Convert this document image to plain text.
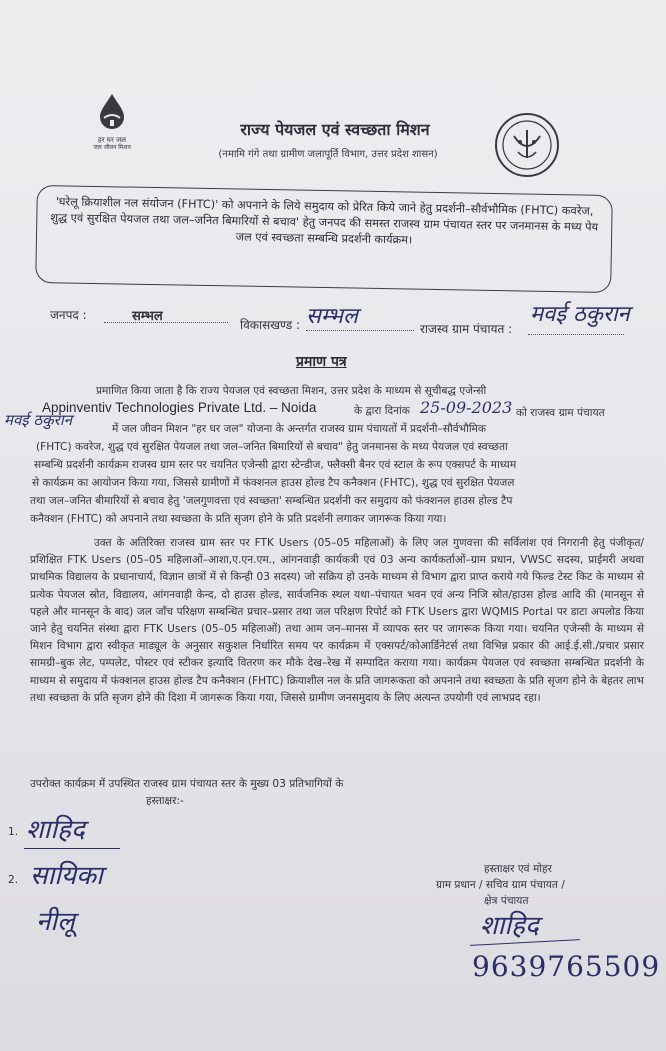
हर घर जल
जल जीवन मिशन
राज्य पेयजल एवं स्वच्छता मिशन
(नमामि गंगे तथा ग्रामीण जलापूर्ति विभाग, उत्तर प्रदेश शासन)
'घरेलू क्रियाशील नल संयोजन (FHTC)' को अपनाने के लिये समुदाय को प्रेरित किये जाने हेतु प्रदर्शनी–सौर्वभौमिक (FHTC) कवरेज, शुद्ध एवं सुरक्षित पेयजल तथा जल–जनित बिमारियों से बचाव' हेतु जनपद की समस्त राजस्व ग्राम पंचायत स्तर पर जनमानस के मध्य पेय जल एवं स्वच्छता सम्बन्धि प्रदर्शनी कार्यक्रम।
जनपद :	सम्भल
विकासखण्ड : सम्भल	राजस्व ग्राम पंचायत :
मवई ठकुरान
प्रमाण पत्र
प्रमाणित किया जाता है कि राज्य पेयजल एवं स्वच्छता मिशन, उत्तर प्रदेश के माध्यम से सूचीबद्ध एजेन्सी
Appinventiv Technologies Private Ltd. – Noida	के द्वारा दिनांक 25-09-2023 को राजस्व ग्राम पंचायत
मवई ठकुरान	में जल जीवन मिशन "हर घर जल" योजना के अन्तर्गत राजस्व ग्राम पंचायतों में प्रदर्शनी–सौर्वभौमिक
(FHTC) कवरेज, शुद्ध एवं सुरक्षित पेयजल तथा जल–जनित बिमारियों से बचाव" हेतु जनमानस के मध्य पेयजल एवं स्वच्छता
सम्बन्धि प्रदर्शनी कार्यक्रम राजस्व ग्राम स्तर पर चयनित एजेन्सी द्वारा स्टेन्डीज, फ्लैक्सी बैनर एवं स्टाल के रूप एक्सपर्ट के माध्यम
से कार्यक्रम का आयोजन किया गया, जिससे ग्रामीणों में फंक्शनल हाउस होल्ड टैप कनैक्शन (FHTC), शुद्ध एवं सुरक्षित पेयजल
तथा जल–जनित बीमारियों से बचाव हेतु 'जलगुणवत्ता एवं स्वच्छता' सम्बन्धित प्रदर्शनी कर समुदाय को फंक्शनल हाउस होल्ड टैप
कनैक्शन (FHTC) को अपनाने तथा स्वच्छता के प्रति सृजग होने के प्रति प्रदर्शनी लगाकर जागरूक किया गया।
उक्त के अतिरिक्त राजस्व ग्राम स्तर पर FTK Users (05–05 महिलाओं) के लिए जल गुणवत्ता की सर्विलांश एवं निगरानी हेतु पंजीकृत/प्रशिक्षित FTK Users (05–05 महिलाओं–आशा,ए.एन.एम., आंगनवाड़ी कार्यकत्री एवं 03 अन्य कार्यकर्ताओं–ग्राम प्रधान, VWSC सदस्य, प्राईमरी अथवा प्राथमिक विद्यालय के प्रधानाचार्य, विज्ञान छात्रों में से किन्ही 03 सदस्य) जो सक्रिय हो उनके माध्यम से विभाग द्वारा प्राप्त कराये गये फिल्ड टेस्ट किट के माध्यम से प्रत्येक पेयजल स्रोत, विद्यालय, आंगनवाड़ी केन्द, दो हाउस होल्ड, सार्वजनिक स्थल यथा–पंचायत भवन एवं अन्य निजि स्रोत/हाउस होल्ड आदि की (मानसून से पहले और मानसून के बाद) जल जाँच परिक्षण सम्बन्धित प्रचार–प्रसार तथा जल परिक्षण रिपोर्ट को FTK Users द्वारा WQMIS Portal पर डाटा अपलोड किया जाने हेतु चयनित संस्था द्वारा FTK Users (05–05 महिलाओं) तथा आम जन–मानस में व्यापक स्तर पर जागरूक किया गया। चयनित एजेन्सी के माध्यम से मिशन विभाग द्वारा स्वीकृत माड्यूल के अनुसार सकुशल निर्धारित समय पर कार्यक्रम में एक्सपर्ट/कोआर्डिनेटर्स तथा विभिन्न प्रकार की आई.ई.सी./प्रचार प्रसार सामग्री–बुक लेट, पम्पलेट, पोस्टर एवं स्टीकर इत्यादि वितरण कर मौके देख–रेख में सम्पादित कराया गया। कार्यक्रम पेयजल एवं स्वच्छता सम्बन्धित प्रदर्शनी के माध्यम से समुदाय में फंक्शनल हाउस होल्ड टैप कनैक्शन (FHTC) क्रियाशील नल के प्रति जागरूकता को अपनाने तथा स्वच्छता के प्रति सृजग होने के बेहतर लाभ तथा स्वच्छता के प्रति सृजग होने की दिशा में जागरूक किया गया, जिससे ग्रामीण जनसमुदाय के लिए अत्यन्त उपयोगी एवं लाभप्रद रहा।
उपरोक्त कार्यक्रम में उपस्थित राजस्व ग्राम पंचायत स्तर के मुख्य 03 प्रतिभागियों के
हस्ताक्षर:-
1. शाहिद
2. सायिका
नीलू
हस्ताक्षर एवं मोहर
ग्राम प्रधान / सचिव ग्राम पंचायत /
क्षेत्र पंचायत
शाहिद
9639765509
